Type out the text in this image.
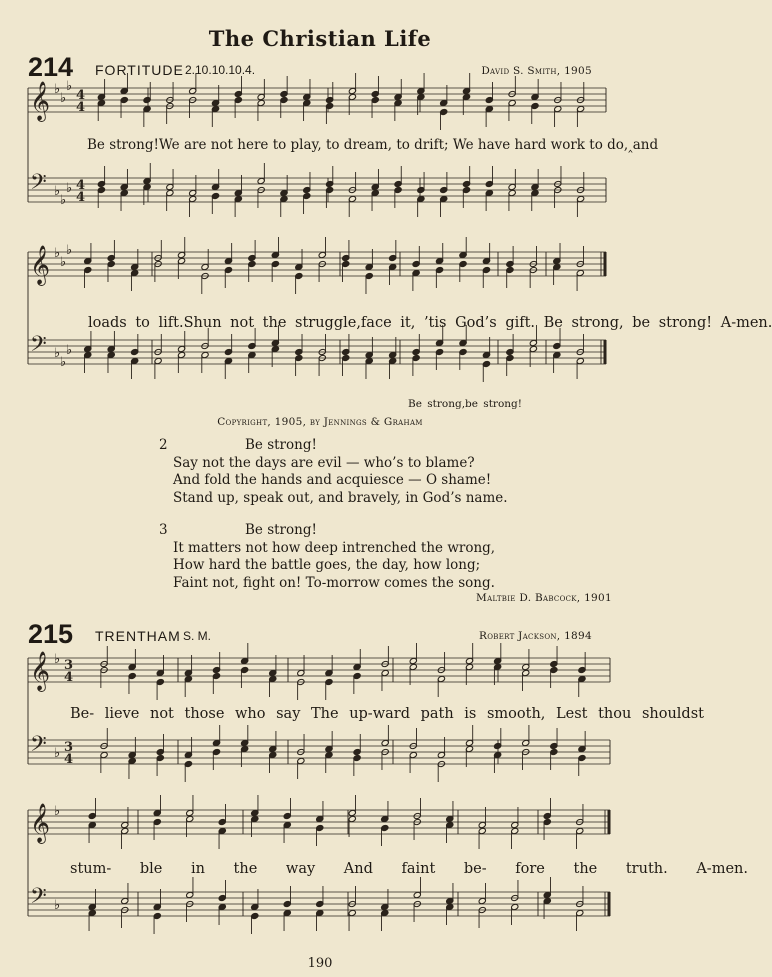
The Christian Life
214 FORTITUDE 2.10.10.10.4.	David S. Smith, 1905
𝄞
𝄢
♭
♭
♭
♭
♭
♭
4
4
4
4
Be strong!We are not here to play, to dream, to drift; We have hard work to do,‸and
𝄞
𝄢
♭
♭
♭
♭
♭
♭
loads to lift.Shun not the struggle,face it, ’tis God’s gift. Be strong, be strong! A-men.
Be strong,be strong!
Copyright, 1905, by Jennings & Graham
2	Be strong!
Say not the days are evil — who’s to blame?
And fold the hands and acquiesce — O shame!
Stand up, speak out, and bravely, in God’s name.
3	Be strong!
It matters not how deep intrenched the wrong,
How hard the battle goes, the day, how long;
Faint not, fight on! To-morrow comes the song.
Maltbie D. Babcock, 1901
215 TRENTHAM S. M.	Robert Jackson, 1894
𝄞
𝄢
♭
♭
3
4
3
4
Be- lieve not those who say The up-ward path is smooth, Lest thou shouldst
𝄞
𝄢
♭
♭
stum- ble in the way And faint be- fore the truth. A-men.
190
